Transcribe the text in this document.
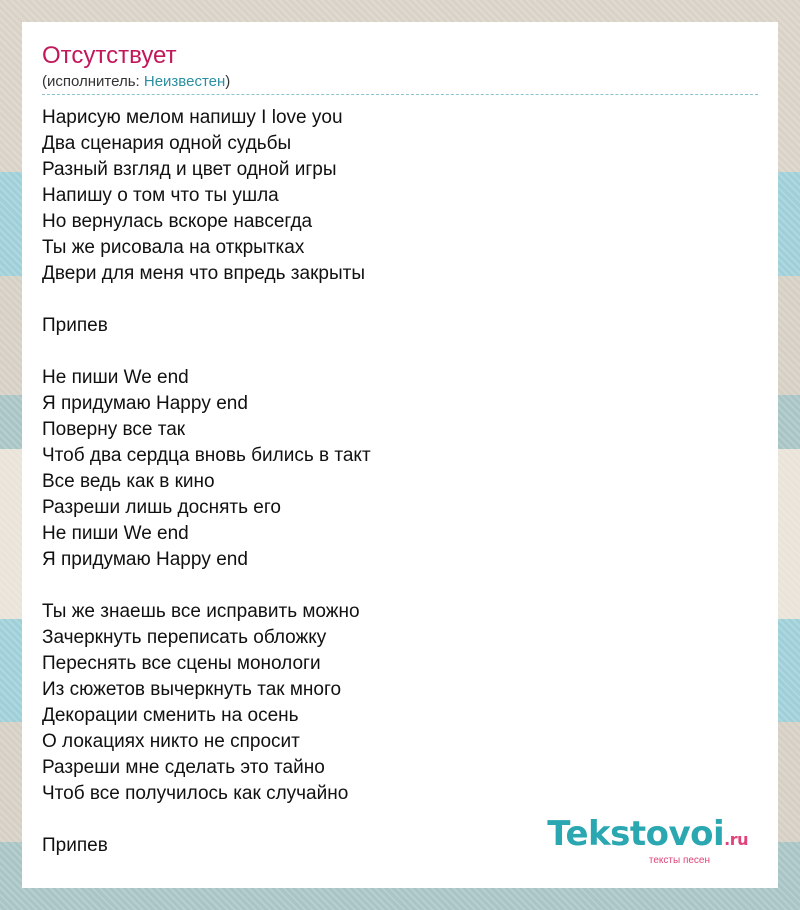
Отсутствует
(исполнитель: Неизвестен)
Нарисую мелом напишу I love you
Два сценария одной судьбы
Разный взгляд и цвет одной игры
Напишу о том что ты ушла
Но вернулась вскоре навсегда
Ты же рисовала на открытках
Двери для меня что впредь закрыты
Припев
Не пиши We end
Я придумаю Happy end
Поверну все так
Чтоб два сердца вновь бились в такт
Все ведь как в кино
Разреши лишь доснять его
Не пиши We end
Я придумаю Happy end
Ты же знаешь все исправить можно
Зачеркнуть переписать обложку
Переснять все сцены монологи
Из сюжетов вычеркнуть так много
Декорации сменить на осень
О локациях никто не спросит
Разреши мне сделать это тайно
Чтоб все получилось как случайно
Припев	Tekstovoi.ru
тексты песен
